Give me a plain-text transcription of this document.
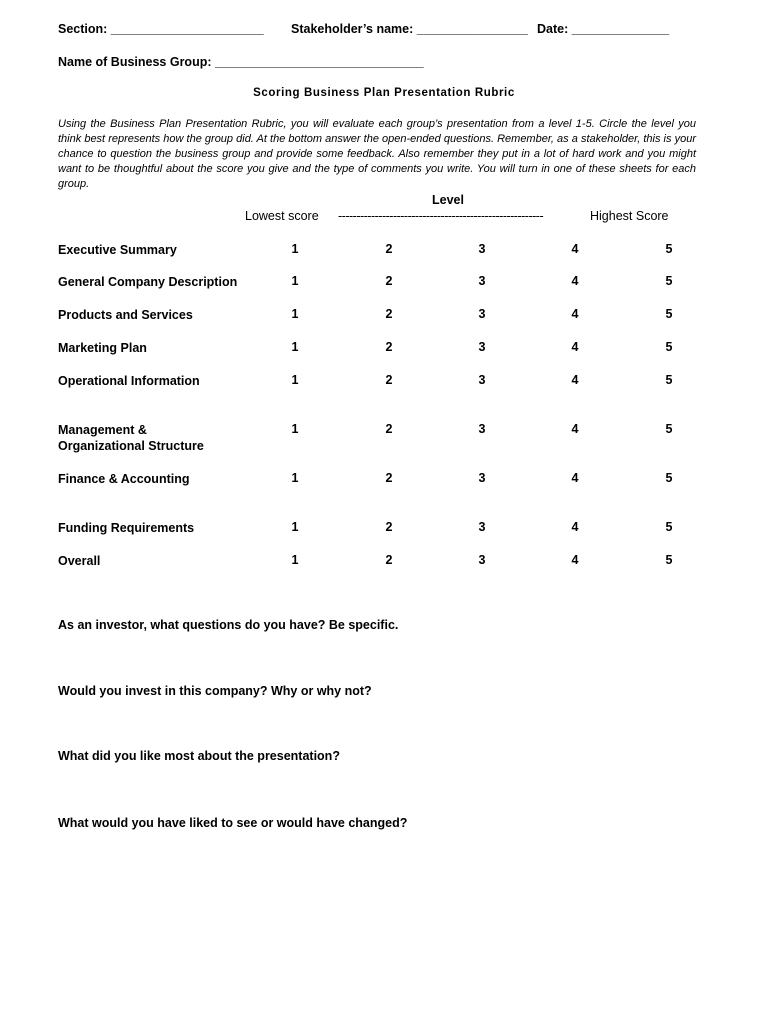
Section: ______________________ Stakeholder’s name: ________________ Date: ______________
Name of Business Group: ______________________________
Scoring Business Plan Presentation Rubric
Using the Business Plan Presentation Rubric, you will evaluate each group’s presentation from a level 1-5. Circle the level you think best represents how the group did. At the bottom answer the open-ended questions. Remember, as a stakeholder, this is your chance to question the business group and provide some feedback. Also remember they put in a lot of hard work and you might want to be thoughtful about the score you give and the type of comments you write. You will turn in one of these sheets for each group.
Level
Lowest score --------------------------------------------------------	Highest Score
Executive Summary	1	2	3	4	5
General Company Description	1	2	3	4	5
Products and Services	1	2	3	4	5
Marketing Plan	1	2	3	4	5
Operational Information	1	2	3	4	5
Management & Organizational Structure
1	2	3	4	5
Finance & Accounting	1	2	3	4	5
Funding Requirements	1	2	3	4	5
Overall	1	2	3	4	5
As an investor, what questions do you have? Be specific.
Would you invest in this company? Why or why not?
What did you like most about the presentation?
What would you have liked to see or would have changed?
